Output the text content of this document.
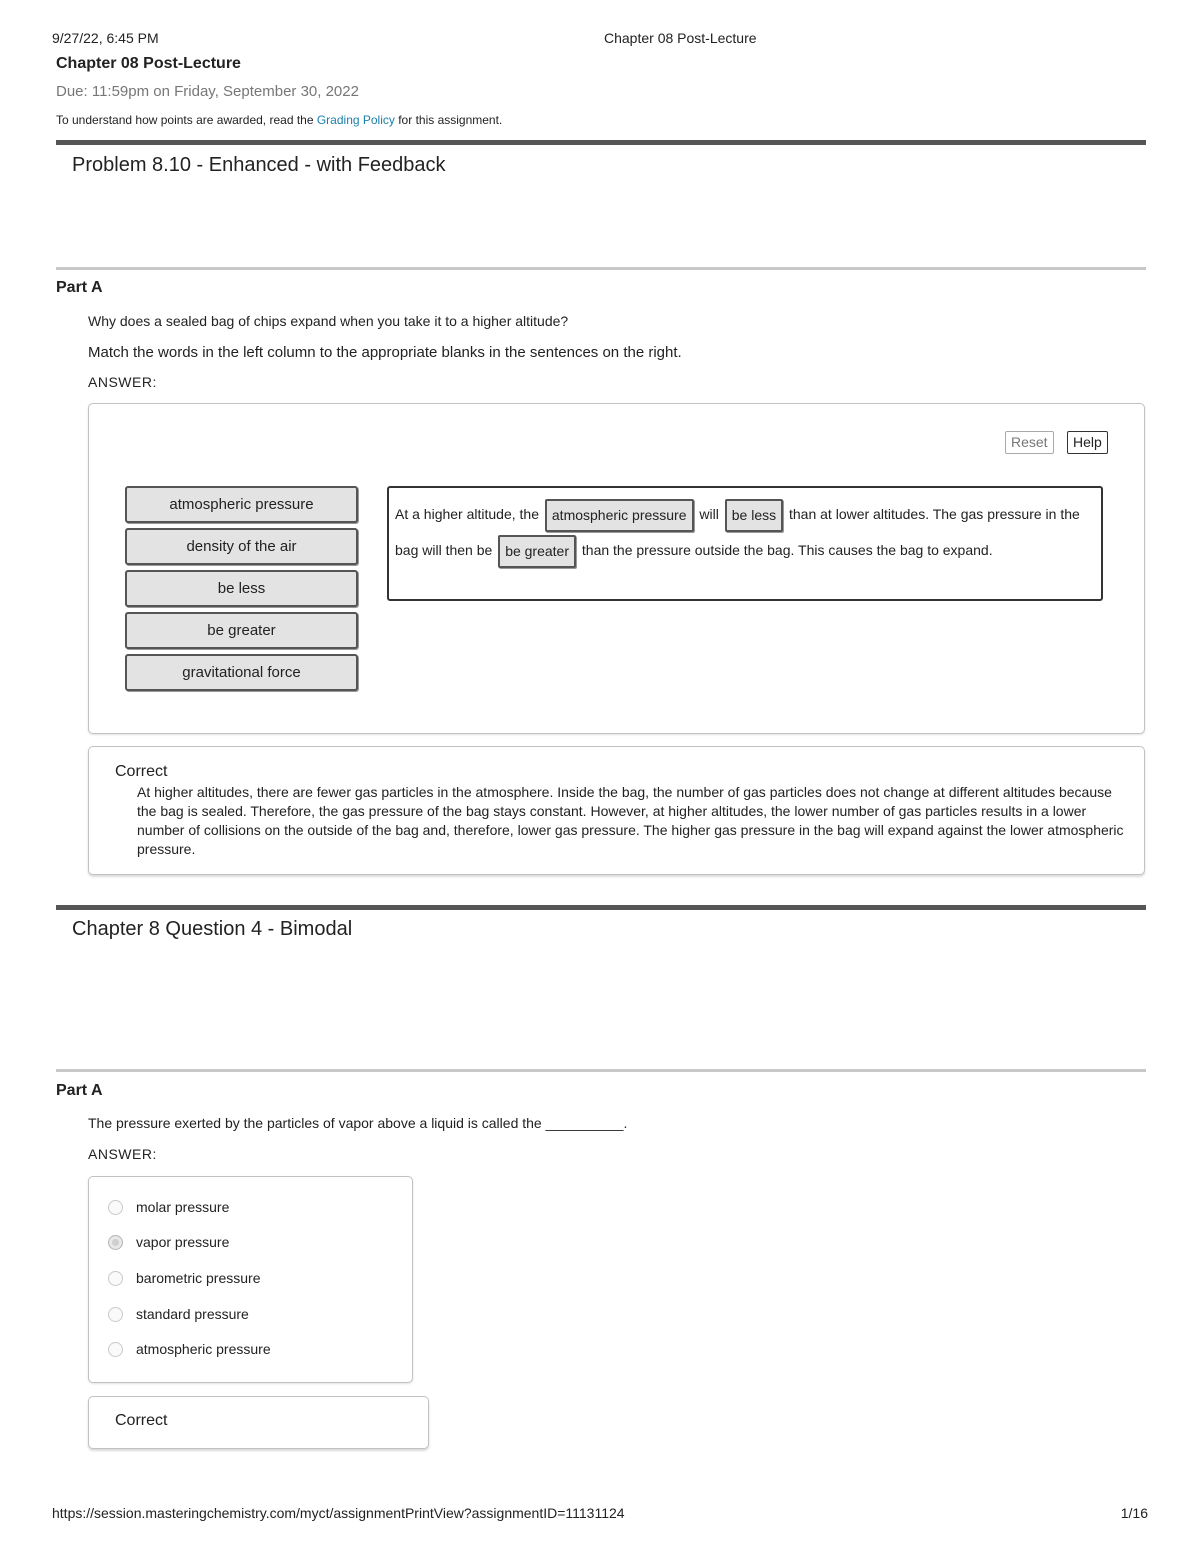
9/27/22, 6:45 PM	Chapter 08 Post-Lecture
Chapter 08 Post-Lecture
Due: 11:59pm on Friday, September 30, 2022
To understand how points are awarded, read the Grading Policy for this assignment.
Problem 8.10 - Enhanced - with Feedback
Part A
Why does a sealed bag of chips expand when you take it to a higher altitude?
Match the words in the left column to the appropriate blanks in the sentences on the right.
ANSWER:
Reset	Help
atmospheric pressure
density of the air
be less
be greater
gravitational force
At a higher altitude, the atmospheric pressure will be less than at lower altitudes. The gas pressure in the bag will then be be greater than the pressure outside the bag. This causes the bag to expand.
Correct
At higher altitudes, there are fewer gas particles in the atmosphere. Inside the bag, the number of gas particles does not change at different altitudes because the bag is sealed. Therefore, the gas pressure of the bag stays constant. However, at higher altitudes, the lower number of gas particles results in a lower number of collisions on the outside of the bag and, therefore, lower gas pressure. The higher gas pressure in the bag will expand against the lower atmospheric pressure.
Chapter 8 Question 4 - Bimodal
Part A
The pressure exerted by the particles of vapor above a liquid is called the __________.
ANSWER:
molar pressure
vapor pressure
barometric pressure
standard pressure
atmospheric pressure
Correct
https://session.masteringchemistry.com/myct/assignmentPrintView?assignmentID=11131124	1/16
